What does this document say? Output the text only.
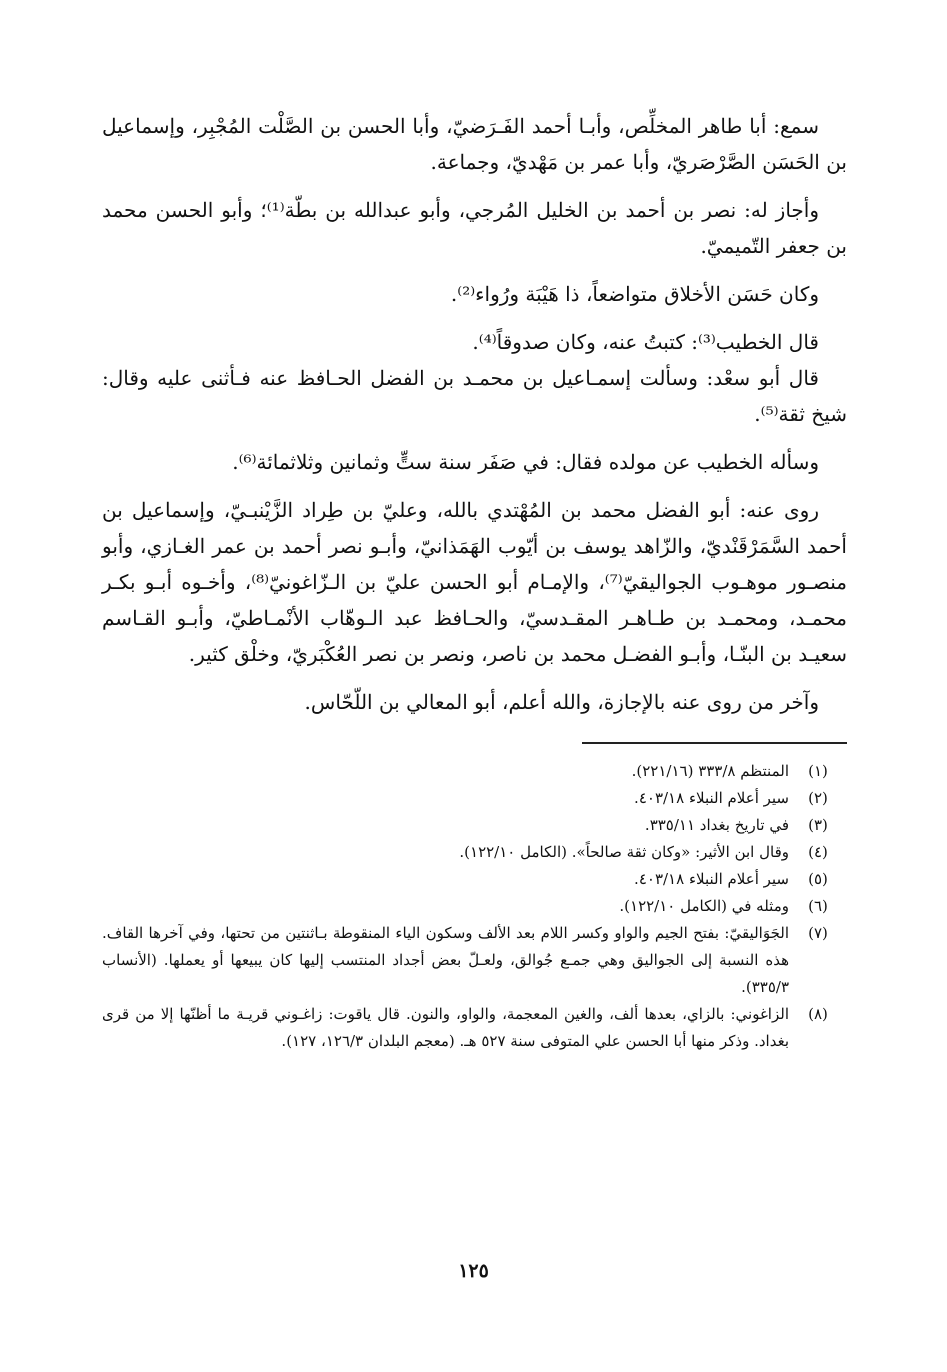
سمع: أبا طاهر المخلِّص، وأبـا أحمد الفَـرَضيّ، وأبا الحسن بن الصَّلْت المُجْبِر، وإسماعيل بن الحَسَن الصَّرْصَريّ، وأبا عمر بن مَهْديّ، وجماعة.

وأجاز له: نصر بن أحمد بن الخليل المُرجي، وأبو عبدالله بن بطّة⁽¹⁾؛ وأبو الحسن محمد بن جعفر التّميميّ.

وكان حَسَن الأخلاق متواضعاً، ذا هَيْبَة ورُواء⁽²⁾.

قال الخطيب⁽³⁾: كتبتُ عنه، وكان صدوقاً⁽⁴⁾.

قال أبو سعْد: وسألت إسمـاعيل بن محمـد بن الفضل الحـافظ عنه فـأثنى عليه وقال: شيخ ثقة⁽⁵⁾.

وسأله الخطيب عن مولده فقال: في صَفَر سنة ستٍّ وثمانين وثلاثمائة⁽⁶⁾.

روى عنه: أبو الفضل محمد بن المُهْتدي بالله، وعليّ بن طِراد الزَّيْنبـيّ، وإسماعيل بن أحمد السَّمَرْقَنْديّ، والزّاهد يوسف بن أيّوب الهَمَذانيّ، وأبـو نصر أحمد بن عمر الغـازي، وأبو منصـور موهـوب الجواليقيّ⁽⁷⁾، والإمـام أبو الحسن عليّ بن الـزّاغونيّ⁽⁸⁾، وأخـوه أبـو بكـر محمـد، ومحمـد بن طـاهـر المقـدسيّ، والحـافظ عبد الـوهّاب الأنْمـاطيّ، وأبـو القـاسم سعيـد بن البنّـا، وأبـو الفضـل محمد بن ناصر، ونصر بن نصر العُكْبَريّ، وخلْق كثير.

وآخر من روى عنه بالإجازة، والله أعلم، أبو المعالي بن اللّحّاس.

(١)
المنتظم ٣٣٣/٨ (٢٢١/١٦).
(٢)
سير أعلام النبلاء ٤٠٣/١٨.
(٣)
في تاريخ بغداد ٣٣٥/١١.
(٤)
وقال ابن الأثير: «وكان ثقة صالحاً». (الكامل ١٢٢/١٠).
(٥)
سير أعلام النبلاء ٤٠٣/١٨.
(٦)
ومثله في (الكامل ١٢٢/١٠).
(٧)
الجَوَاليقيّ: بفتح الجيم والواو وكسر اللام بعد الألف وسكون الياء المنقوطة بـاثنتين من تحتها، وفي آخرها القاف. هذه النسبة إلى الجواليق وهي جمـع جُوالق، ولعـلّ بعض أجداد المنتسب إليها كان يبيعها أو يعملها. (الأنساب ٣٣٥/٣).
(٨)
الزاغوني: بالزاي، بعدها ألف، والغين المعجمة، والواو، والنون. قال ياقوت: زاغـوني قريـة ما أظنّها إلا من قرى بغداد. وذكر منها أبا الحسن علي المتوفى سنة ٥٢٧ هـ. (معجم البلدان ١٢٦/٣، ١٢٧).
١٢٥
